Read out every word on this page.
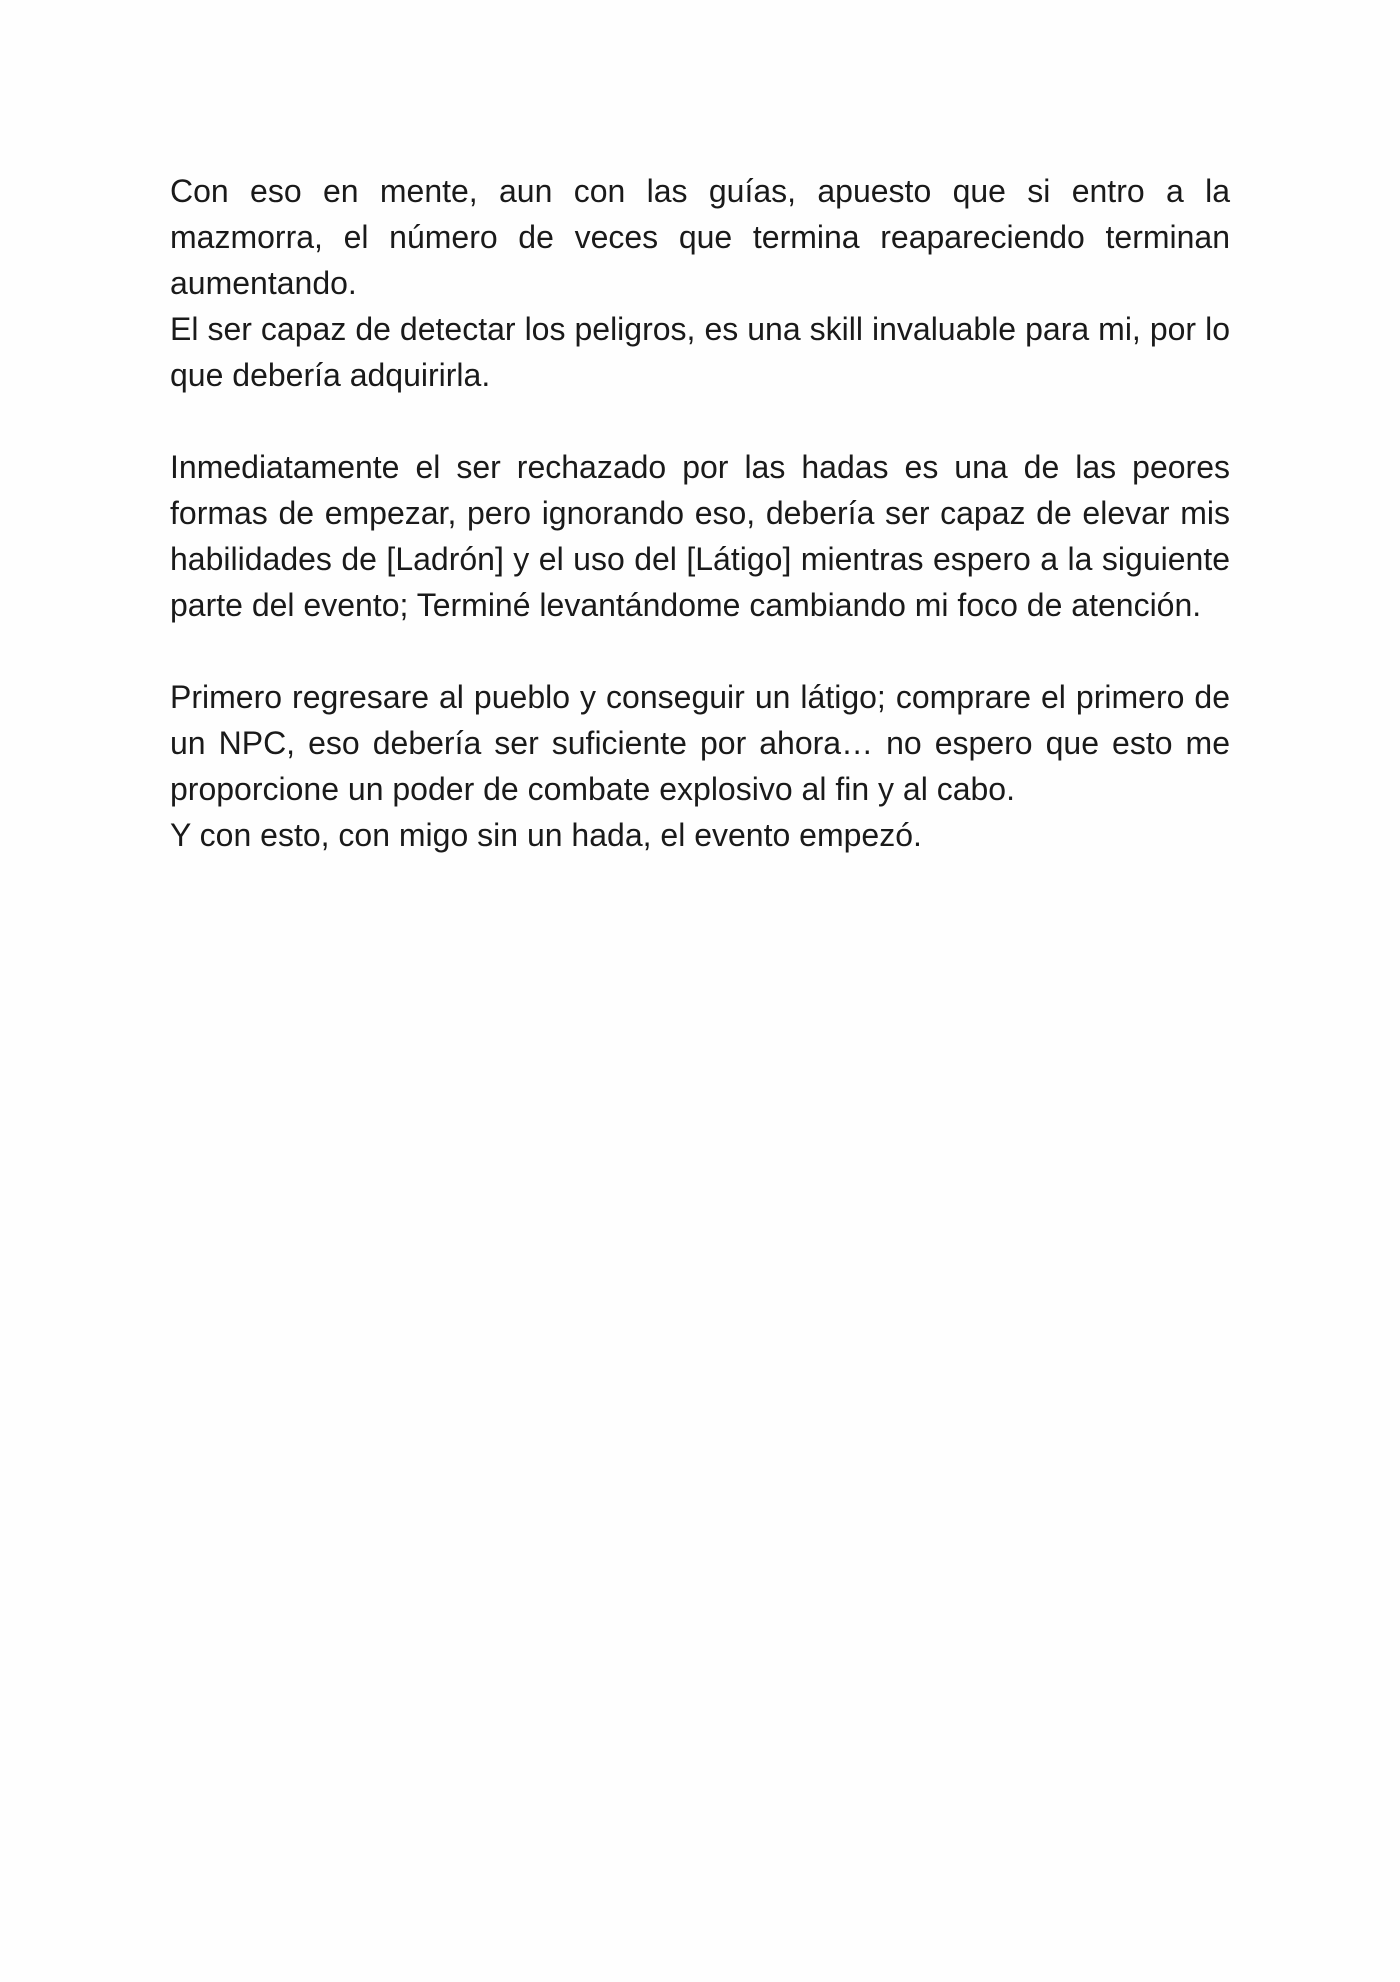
Con eso en mente, aun con las guías, apuesto que si entro a la mazmorra, el número de veces que termina reapareciendo terminan aumentando.

El ser capaz de detectar los peligros, es una skill invaluable para mi, por lo que debería adquirirla.

Inmediatamente el ser rechazado por las hadas es una de las peores formas de empezar, pero ignorando eso, debería ser capaz de elevar mis habilidades de [Ladrón] y el uso del [Látigo] mientras espero a la siguiente parte del evento; Terminé levantándome cambiando mi foco de atención.

Primero regresare al pueblo y conseguir un látigo; comprare el primero de un NPC, eso debería ser suficiente por ahora… no espero que esto me proporcione un poder de combate explosivo al fin y al cabo.

Y con esto, con migo sin un hada, el evento empezó.
